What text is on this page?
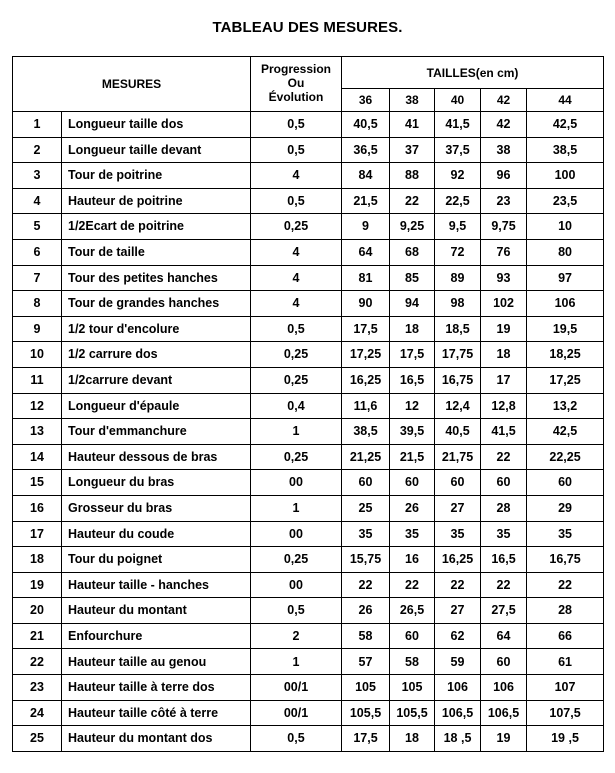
TABLEAU DES MESURES.
MESURES		Progression
Ou
Évolution	TAILLES(en cm)				
			36	38	40	42	44
1	Longueur taille dos	0,5	40,5	41	41,5	42	42,5
2	Longueur taille devant	0,5	36,5	37	37,5	38	38,5
3	Tour de poitrine	4	84	88	92	96	100
4	Hauteur de poitrine	0,5	21,5	22	22,5	23	23,5
5	1/2Ecart de poitrine	0,25	9	9,25	9,5	9,75	10
6	Tour de taille	4	64	68	72	76	80
7	Tour des petites hanches	4	81	85	89	93	97
8	Tour de grandes hanches	4	90	94	98	102	106
9	1/2 tour d'encolure	0,5	17,5	18	18,5	19	19,5
10	1/2 carrure dos	0,25	17,25	17,5	17,75	18	18,25
11	1/2carrure devant	0,25	16,25	16,5	16,75	17	17,25
12	Longueur d'épaule	0,4	11,6	12	12,4	12,8	13,2
13	Tour d'emmanchure	1	38,5	39,5	40,5	41,5	42,5
14	Hauteur dessous de bras	0,25	21,25	21,5	21,75	22	22,25
15	Longueur du bras	00	60	60	60	60	60
16	Grosseur du bras	1	25	26	27	28	29
17	Hauteur du coude	00	35	35	35	35	35
18	Tour du poignet	0,25	15,75	16	16,25	16,5	16,75
19	Hauteur taille - hanches	00	22	22	22	22	22
20	Hauteur du montant	0,5	26	26,5	27	27,5	28
21	Enfourchure	2	58	60	62	64	66
22	Hauteur taille au genou	1	57	58	59	60	61
23	Hauteur taille à terre dos	00/1	105	105	106	106	107
24	Hauteur taille côté à terre	00/1	105,5	105,5	106,5	106,5	107,5
25	Hauteur du montant dos	0,5	17,5	18	18 ,5	19	19 ,5
